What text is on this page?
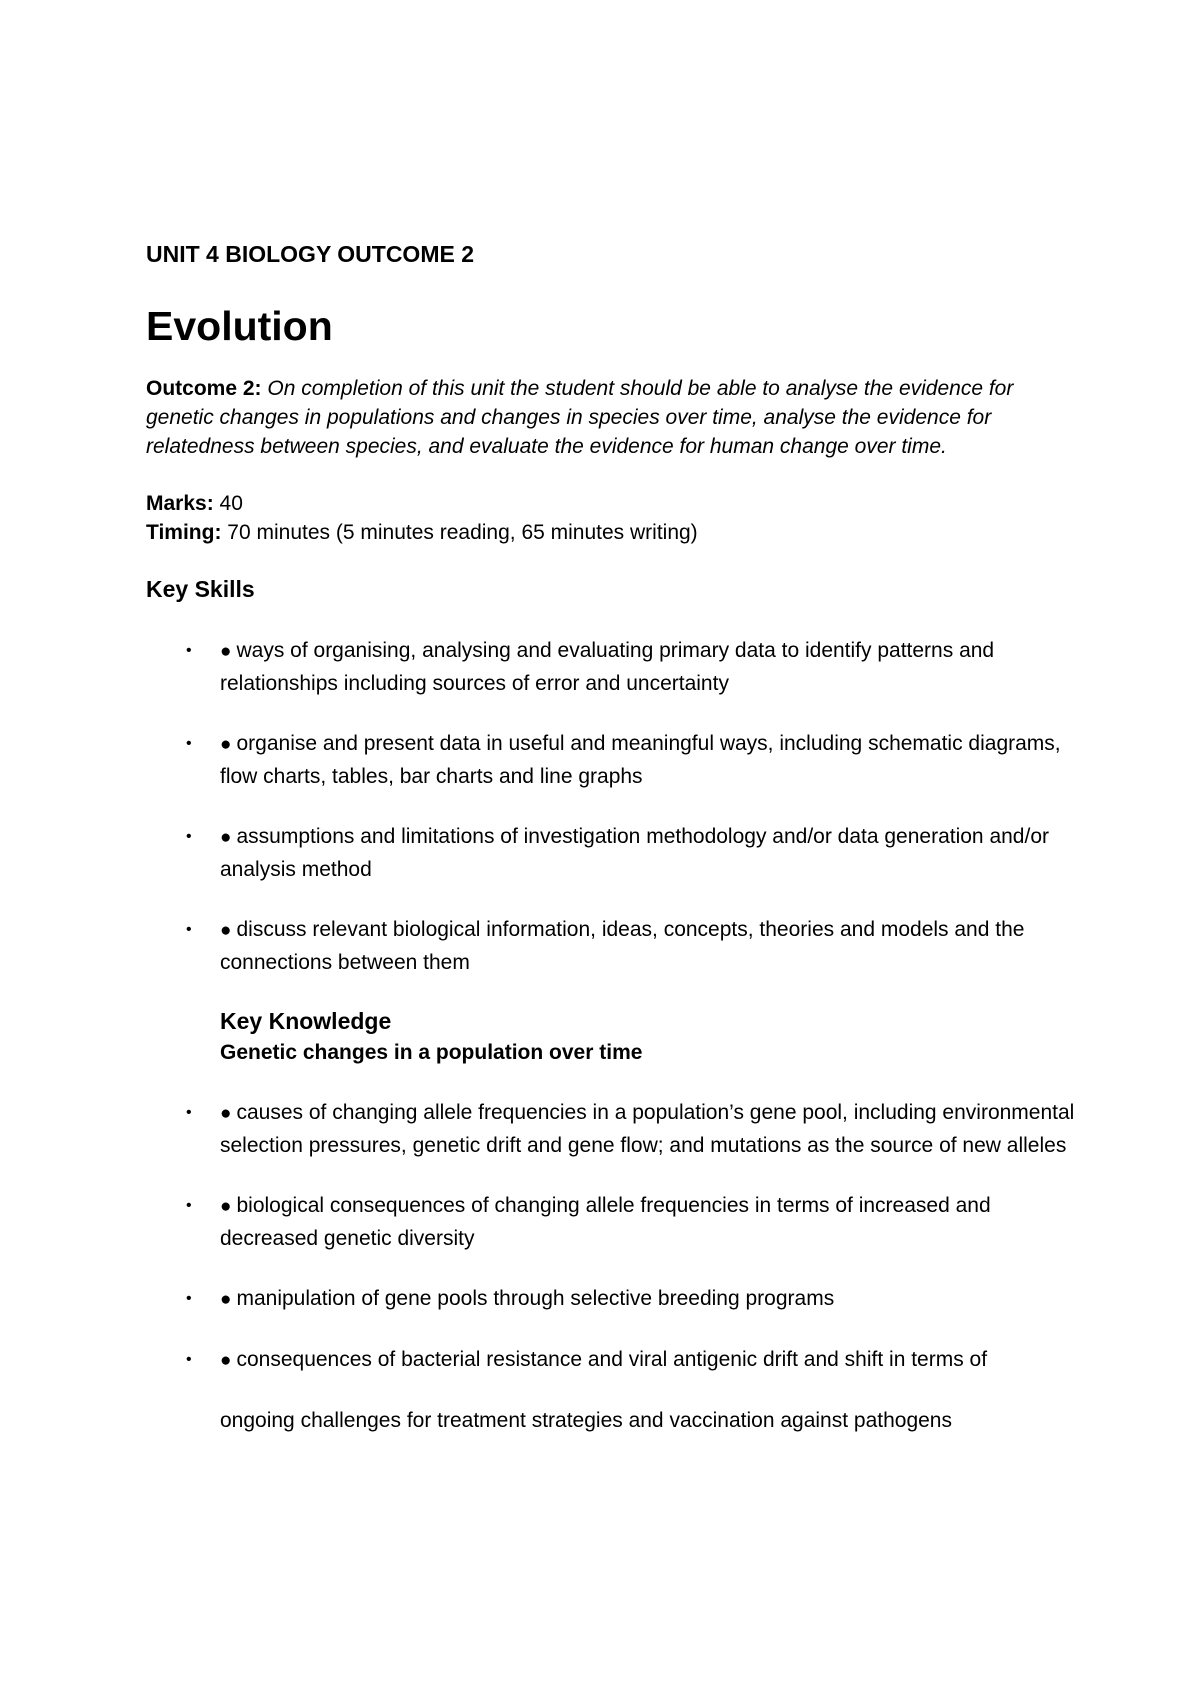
UNIT 4 BIOLOGY OUTCOME 2

Evolution

Outcome 2: On completion of this unit the student should be able to analyse the evidence for genetic changes in populations and changes in species over time, analyse the evidence for relatedness between species, and evaluate the evidence for human change over time.

Marks: 40
Timing: 70 minutes (5 minutes reading, 65 minutes writing)
Key Skills
• ● ways of organising, analysing and evaluating primary data to identify patterns and relationships including sources of error and uncertainty
• ● organise and present data in useful and meaningful ways, including schematic diagrams, flow charts, tables, bar charts and line graphs
• ● assumptions and limitations of investigation methodology and/or data generation and/or analysis method
• ● discuss relevant biological information, ideas, concepts, theories and models and the connections between them
Key Knowledge
Genetic changes in a population over time
• ● causes of changing allele frequencies in a population’s gene pool, including environmental selection pressures, genetic drift and gene flow; and mutations as the source of new alleles
• ● biological consequences of changing allele frequencies in terms of increased and decreased genetic diversity
• ● manipulation of gene pools through selective breeding programs
• ● consequences of bacterial resistance and viral antigenic drift and shift in terms of

ongoing challenges for treatment strategies and vaccination against pathogens
